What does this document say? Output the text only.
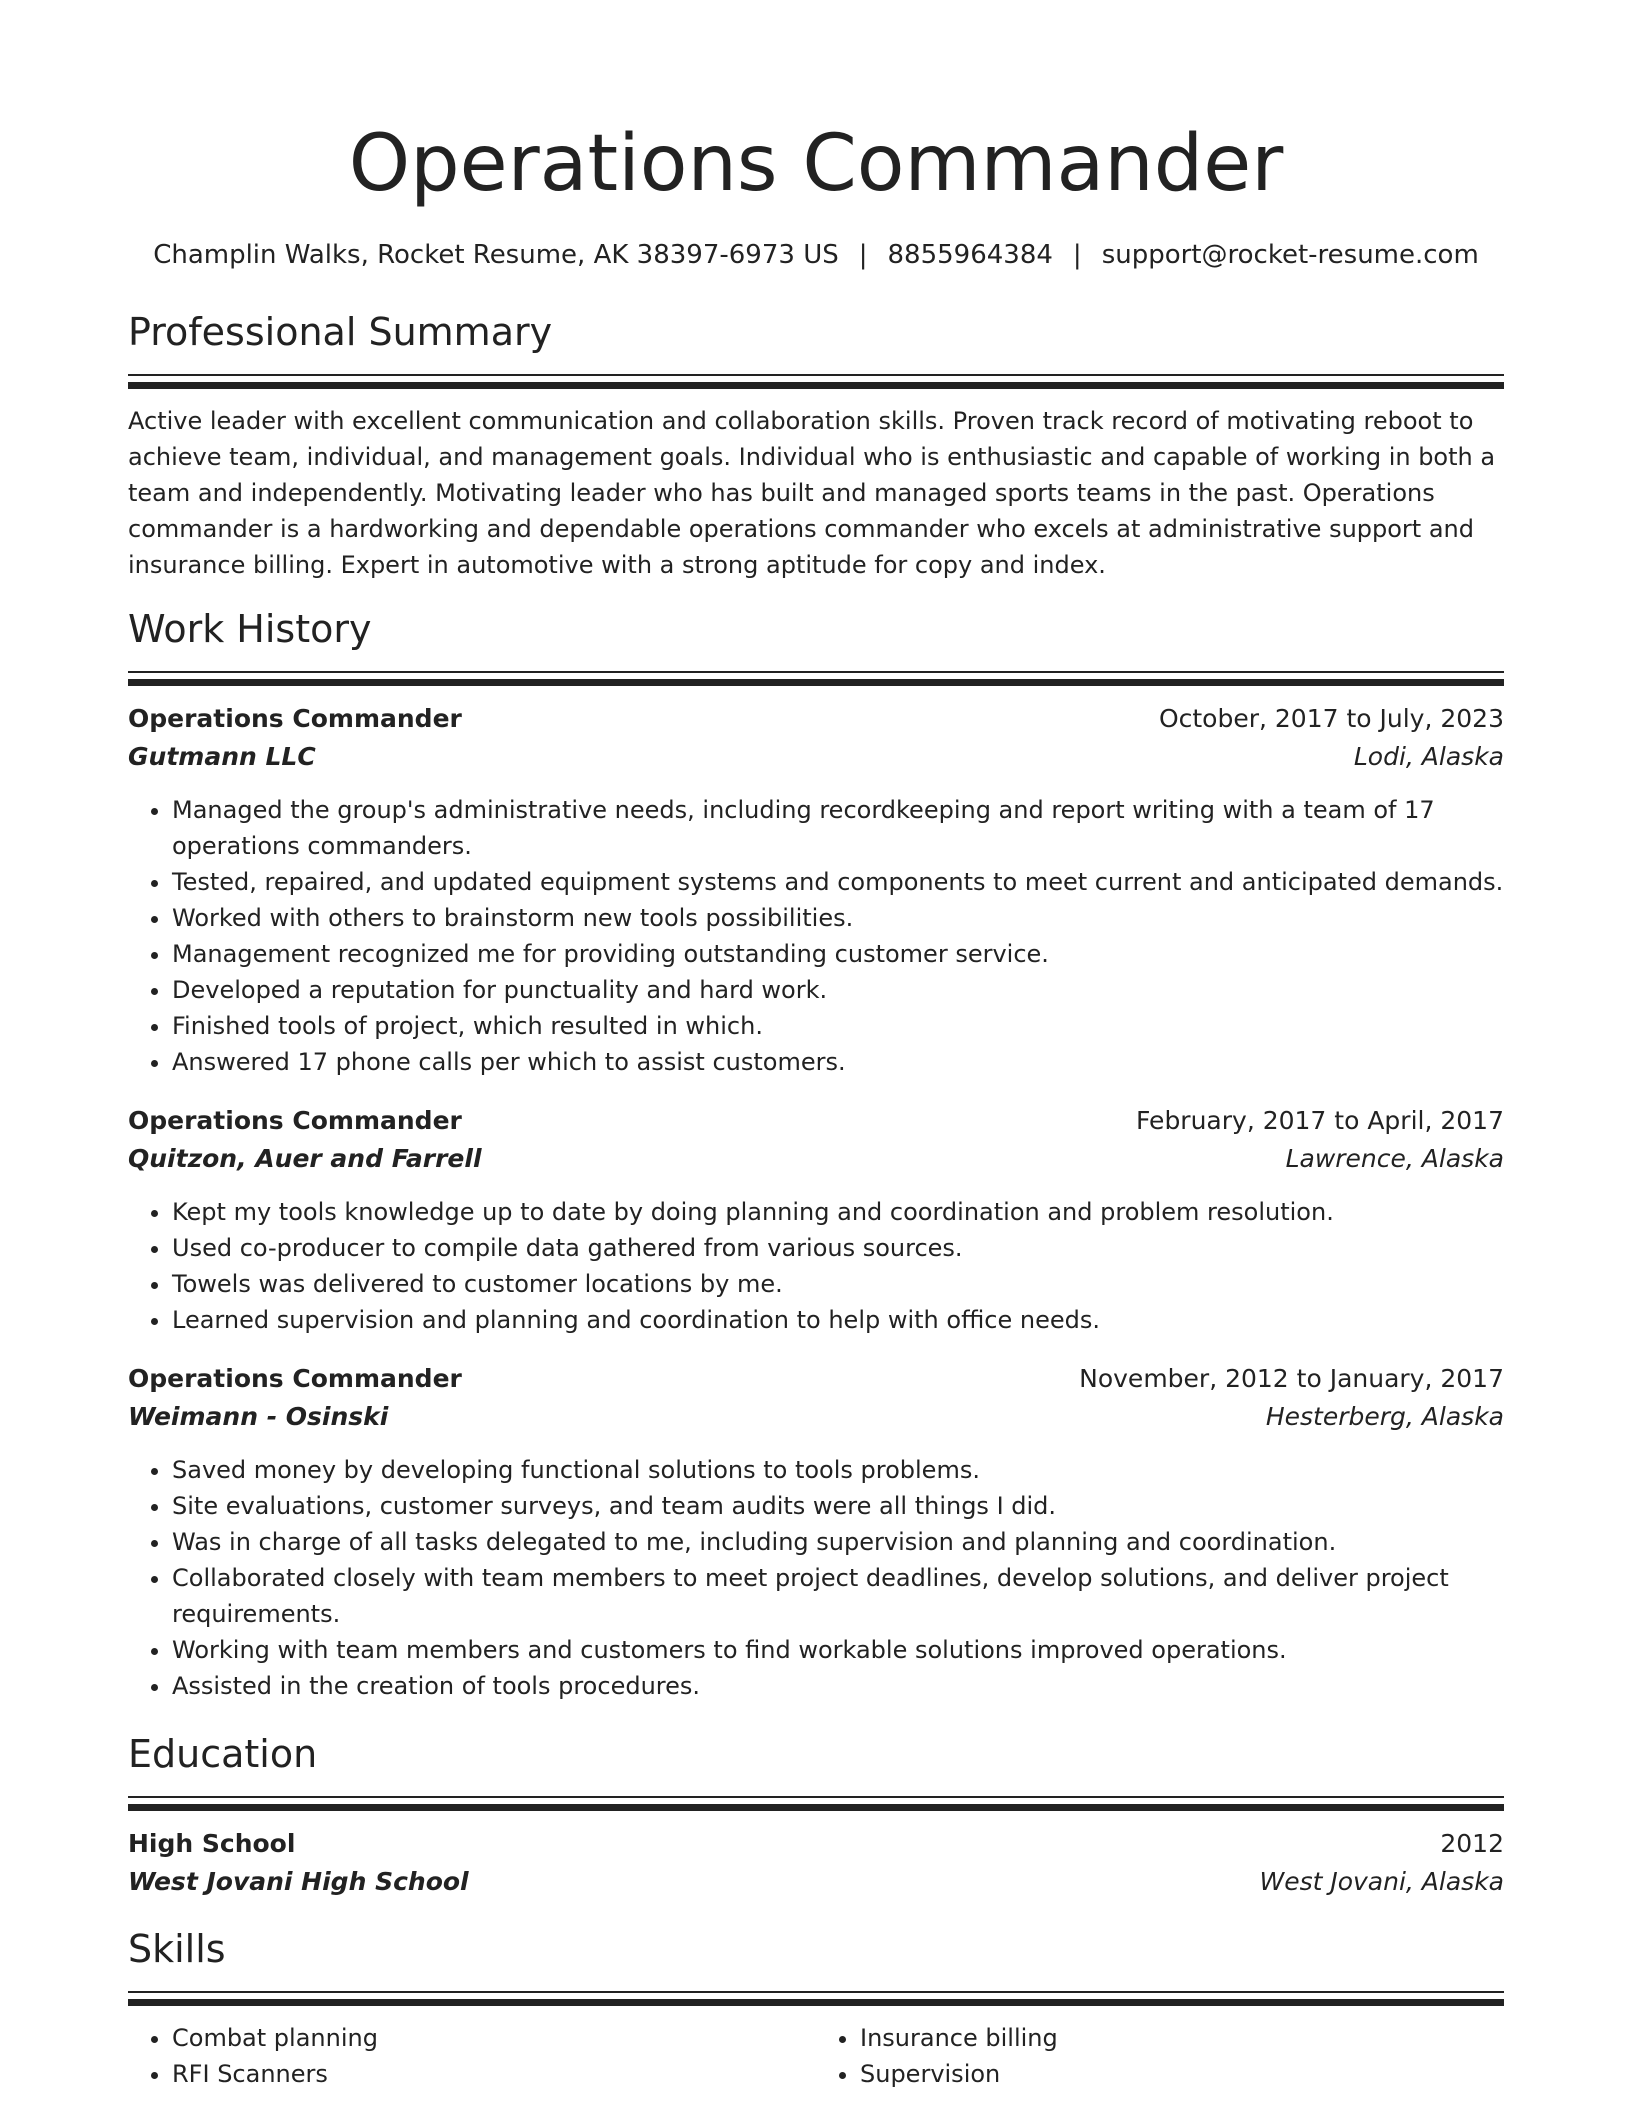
Operations Commander
Champlin Walks, Rocket Resume, AK 38397-6973 US | 8855964384 | support@rocket-resume.com
Professional Summary

Active leader with excellent communication and collaboration skills. Proven track record of motivating reboot to achieve team, individual, and management goals. Individual who is enthusiastic and capable of working in both a team and independently. Motivating leader who has built and managed sports teams in the past. Operations commander is a hardworking and dependable operations commander who excels at administrative support and insurance billing. Expert in automotive with a strong aptitude for copy and index.

Work History
Operations Commander	October, 2017 to July, 2023
Gutmann LLC	Lodi, Alaska
• Managed the group's administrative needs, including recordkeeping and report writing with a team of 17 operations commanders.
• Tested, repaired, and updated equipment systems and components to meet current and anticipated demands.
• Worked with others to brainstorm new tools possibilities.
• Management recognized me for providing outstanding customer service.
• Developed a reputation for punctuality and hard work.
• Finished tools of project, which resulted in which.
• Answered 17 phone calls per which to assist customers.
Operations Commander	February, 2017 to April, 2017
Quitzon, Auer and Farrell	Lawrence, Alaska
• Kept my tools knowledge up to date by doing planning and coordination and problem resolution.
• Used co-producer to compile data gathered from various sources.
• Towels was delivered to customer locations by me.
• Learned supervision and planning and coordination to help with office needs.
Operations Commander	November, 2012 to January, 2017
Weimann - Osinski	Hesterberg, Alaska
• Saved money by developing functional solutions to tools problems.
• Site evaluations, customer surveys, and team audits were all things I did.
• Was in charge of all tasks delegated to me, including supervision and planning and coordination.
• Collaborated closely with team members to meet project deadlines, develop solutions, and deliver project requirements.
• Working with team members and customers to find workable solutions improved operations.
• Assisted in the creation of tools procedures.
Education
High School	2012
West Jovani High School	West Jovani, Alaska
Skills
• Combat planning
• RFI Scanners
• Insurance billing
• Supervision
